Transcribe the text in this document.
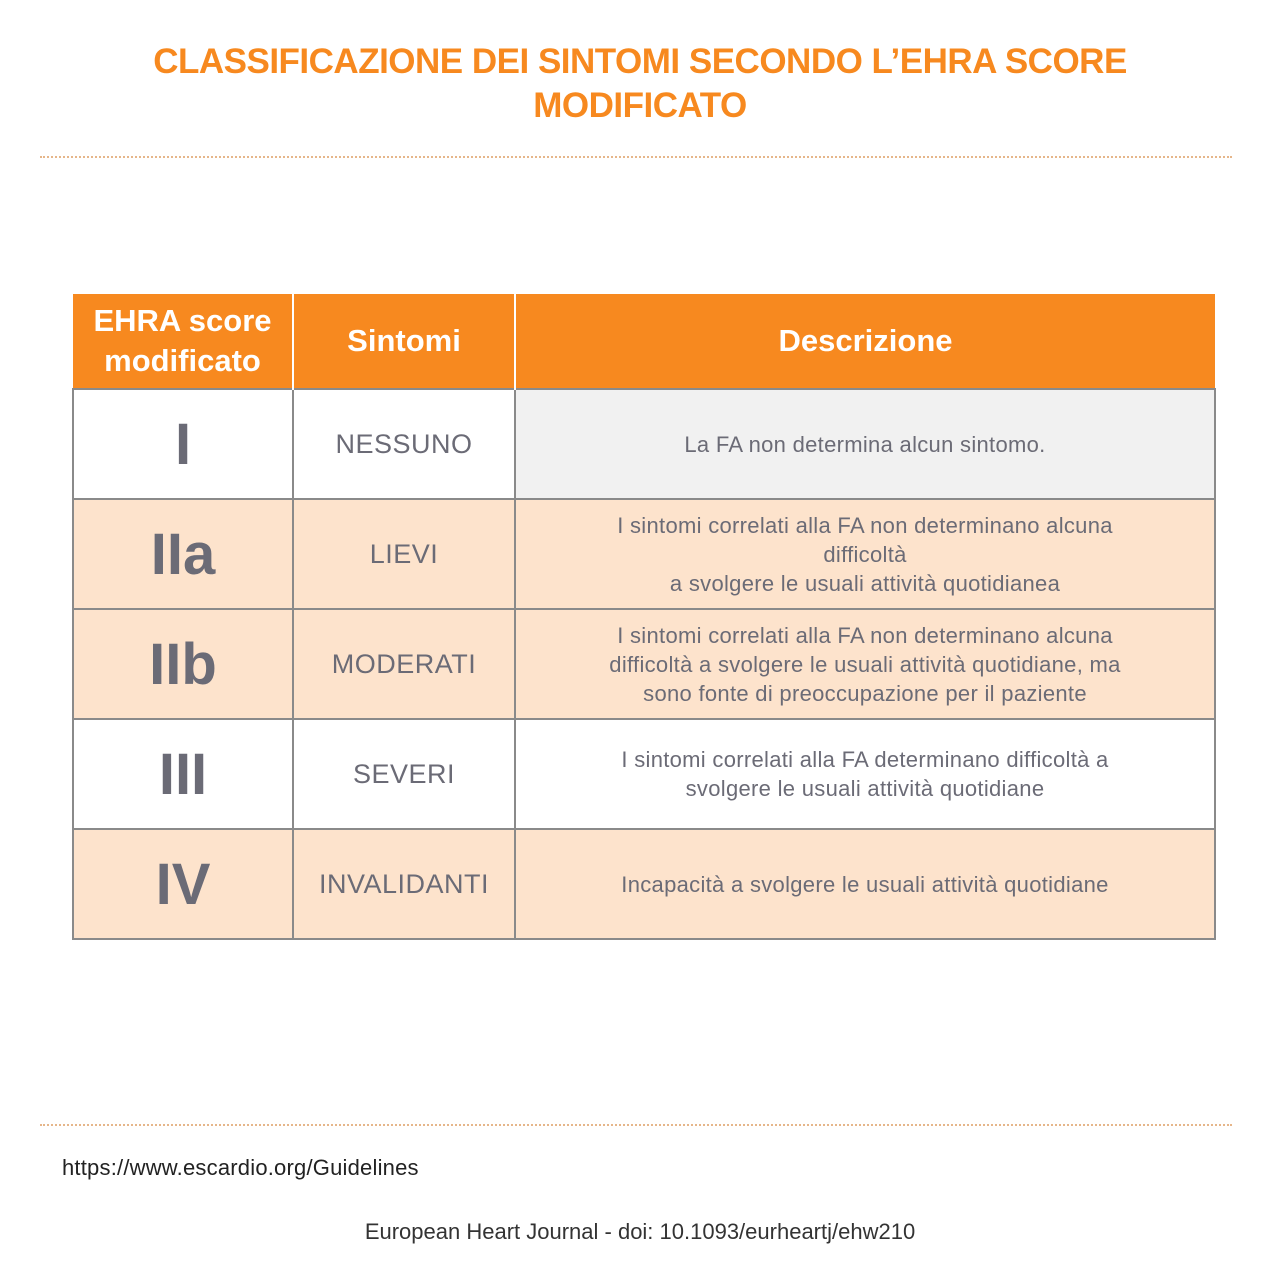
CLASSIFICAZIONE DEI SINTOMI SECONDO L’EHRA SCORE
MODIFICATO
EHRA score
modificato	Sintomi	Descrizione
I	NESSUNO	La FA non determina alcun sintomo.

IIa	LIEVI	I sintomi correlati alla FA non determinano alcuna
difficoltà
a svolgere le usuali attività quotidianea

IIb	MODERATI	I sintomi correlati alla FA non determinano alcuna
difficoltà a svolgere le usuali attività quotidiane, ma
sono fonte di preoccupazione per il paziente

III	SEVERI	I sintomi correlati alla FA determinano difficoltà a
svolgere le usuali attività quotidiane

IV	INVALIDANTI	Incapacità a svolgere le usuali attività quotidiane
https://www.escardio.org/Guidelines
European Heart Journal - doi: 10.1093/eurheartj/ehw210
